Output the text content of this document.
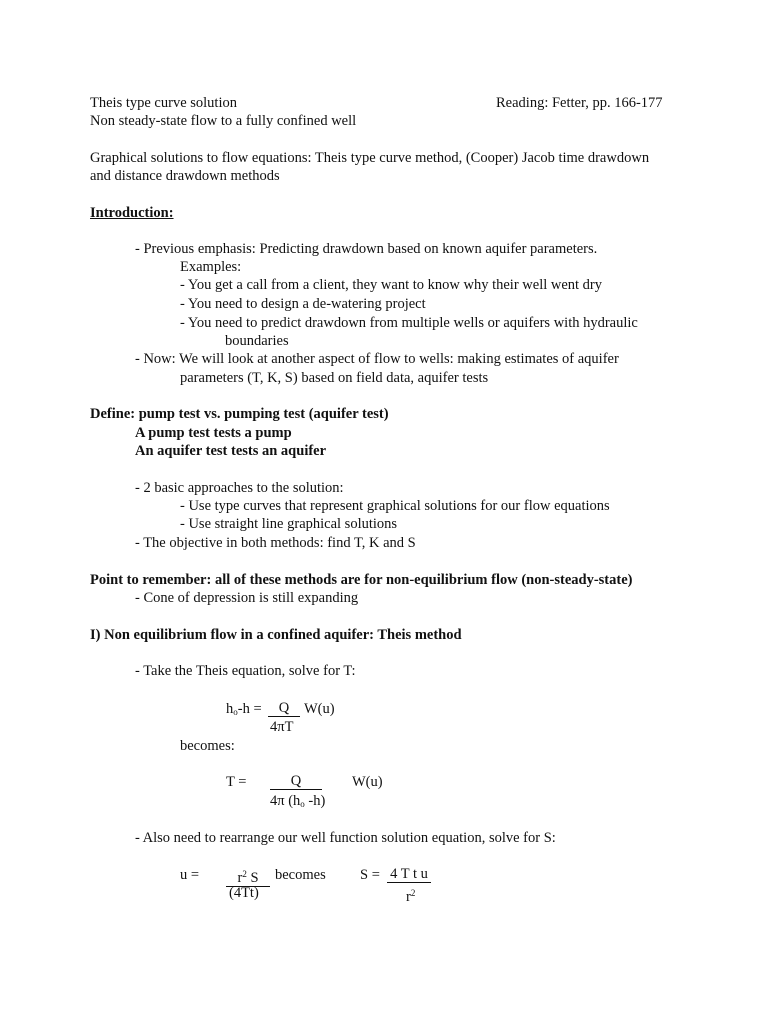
Theis type curve solution	Reading: Fetter, pp. 166-177
Non steady-state flow to a fully confined well
Graphical solutions to flow equations: Theis type curve method, (Cooper) Jacob time drawdown
and distance drawdown methods
Introduction:
- Previous emphasis: Predicting drawdown based on known aquifer parameters.
Examples:
- You get a call from a client, they want to know why their well went dry
- You need to design a de-watering project
- You need to predict drawdown from multiple wells or aquifers with hydraulic
boundaries
- Now: We will look at another aspect of flow to wells: making estimates of aquifer
parameters (T, K, S) based on field data, aquifer tests
Define: pump test vs. pumping test (aquifer test)
A pump test tests a pump
An aquifer test tests an aquifer
- 2 basic approaches to the solution:
- Use type curves that represent graphical solutions for our flow equations
- Use straight line graphical solutions
- The objective in both methods: find T, K and S
Point to remember: all of these methods are for non-equilibrium flow (non-steady-state)
- Cone of depression is still expanding
I) Non equilibrium flow in a confined aquifer: Theis method
- Take the Theis equation, solve for T:
$h_o-h$ =	Q	W(u)
4πT
becomes:
T =	Q	W(u)
4π ($h_o$ -h)
- Also need to rearrange our well function solution equation, solve for S:
u =	$r^2$ S
(4Tt)
becomes S = 4 T t u
$r^2$
